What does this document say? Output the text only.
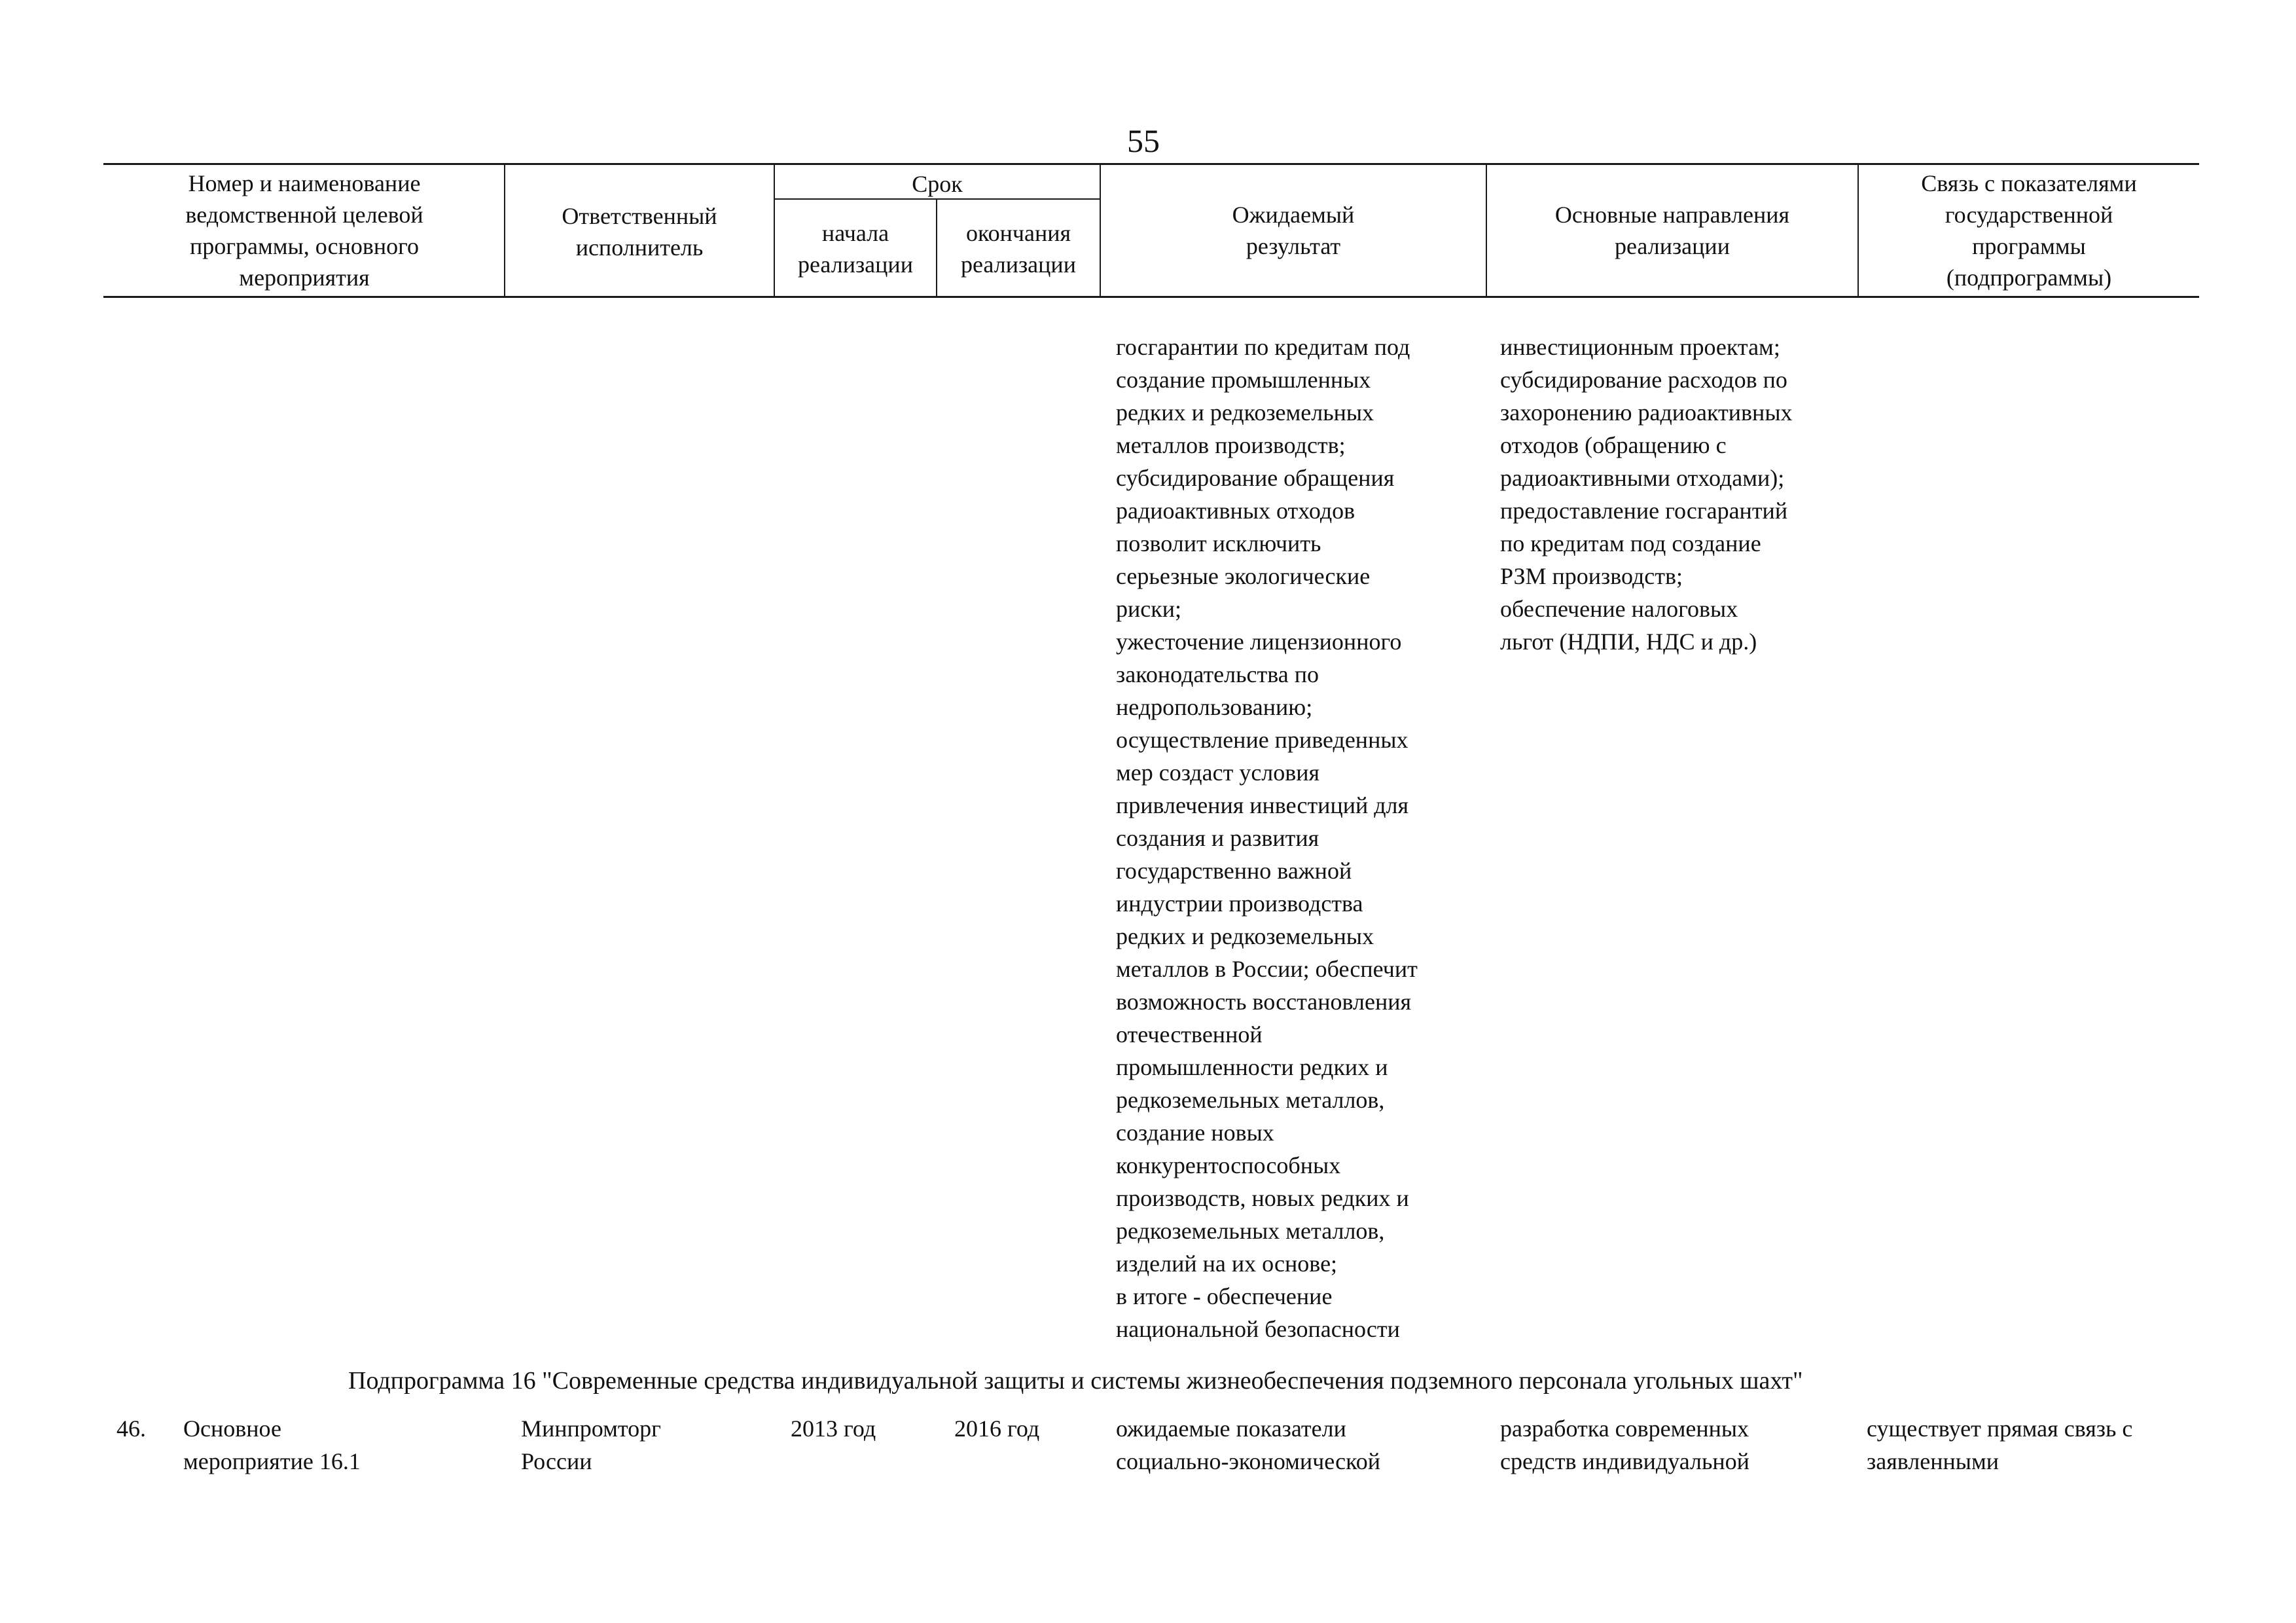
55
Номер и наименование
ведомственной целевой
программы, основного
мероприятия
Ответственный
исполнитель
Срок
начала
реализации
окончания
реализации
Ожидаемый
результат
Основные направления
реализации
Связь с показателями
государственной
программы
(подпрограммы)
госгарантии по кредитам под
создание промышленных
редких и редкоземельных
металлов производств;
субсидирование обращения
радиоактивных отходов
позволит исключить
серьезные экологические
риски;
ужесточение лицензионного
законодательства по
недропользованию;
осуществление приведенных
мер создаст условия
привлечения инвестиций для
создания и развития
государственно важной
индустрии производства
редких и редкоземельных
металлов в России; обеспечит
возможность восстановления
отечественной
промышленности редких и
редкоземельных металлов,
создание новых
конкурентоспособных
производств, новых редких и
редкоземельных металлов,
изделий на их основе;
в итоге - обеспечение
национальной безопасности
инвестиционным проектам;
субсидирование расходов по
захоронению радиоактивных
отходов (обращению с
радиоактивными отходами);
предоставление госгарантий
по кредитам под создание
РЗМ производств;
обеспечение налоговых
льгот (НДПИ, НДС и др.)
Подпрограмма 16 "Современные средства индивидуальной защиты и системы жизнеобеспечения подземного персонала угольных шахт"
46. Основное
мероприятие 16.1
Минпромторг
России
2013 год	2016 год	ожидаемые показатели
социально-экономической
разработка современных
средств индивидуальной
существует прямая связь с
заявленными
